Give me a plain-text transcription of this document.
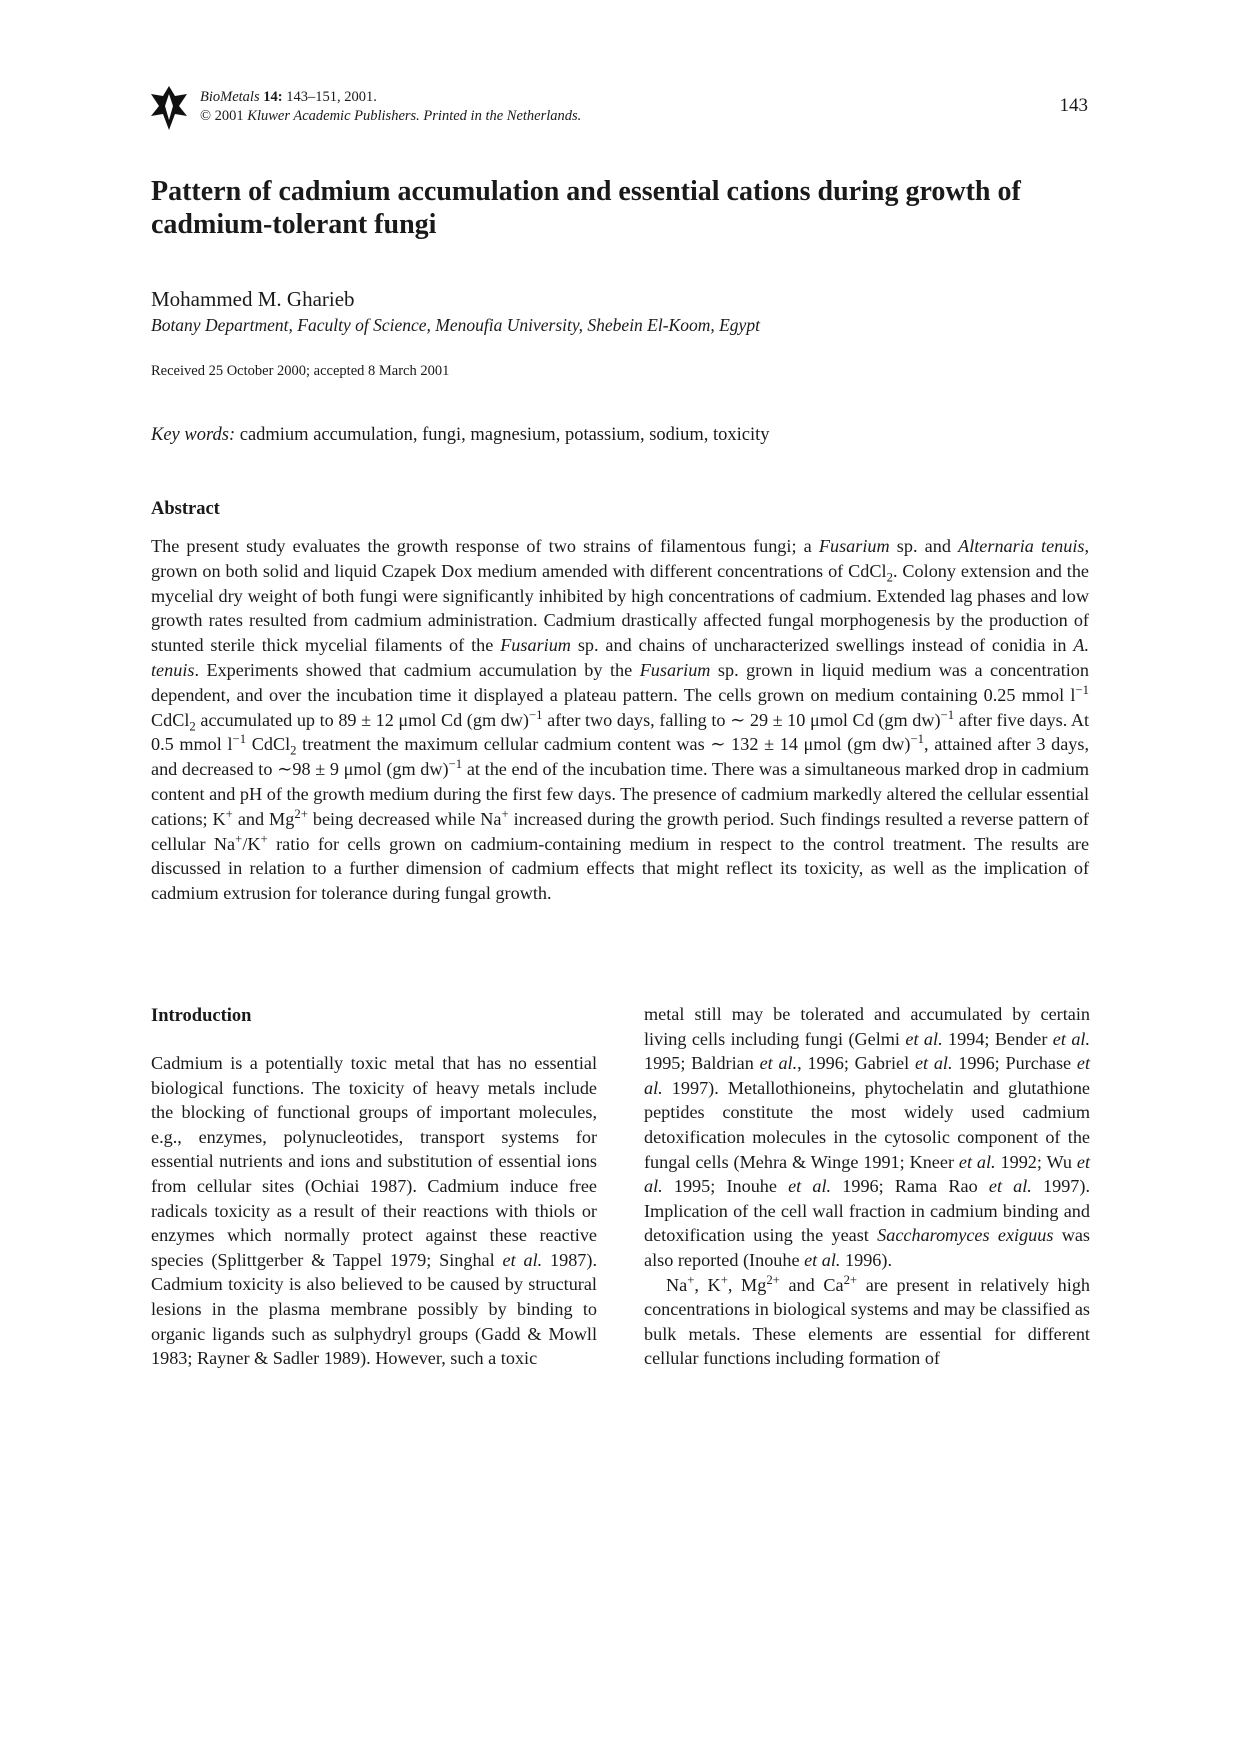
BioMetals 14: 143–151, 2001.
© 2001 Kluwer Academic Publishers. Printed in the Netherlands.	143
Pattern of cadmium accumulation and essential cations during growth of cadmium-tolerant fungi
Mohammed M. Gharieb
Botany Department, Faculty of Science, Menoufia University, Shebein El-Koom, Egypt
Received 25 October 2000; accepted 8 March 2001
Key words: cadmium accumulation, fungi, magnesium, potassium, sodium, toxicity
Abstract

The present study evaluates the growth response of two strains of filamentous fungi; a Fusarium sp. and Alternaria tenuis, grown on both solid and liquid Czapek Dox medium amended with different concentrations of CdCl$_2$. Colony extension and the mycelial dry weight of both fungi were significantly inhibited by high concentrations of cadmium. Extended lag phases and low growth rates resulted from cadmium administration. Cadmium drastically affected fungal morphogenesis by the production of stunted sterile thick mycelial filaments of the Fusarium sp. and chains of uncharacterized swellings instead of conidia in A. tenuis. Experiments showed that cadmium accumulation by the Fusarium sp. grown in liquid medium was a concentration dependent, and over the incubation time it displayed a plateau pattern. The cells grown on medium containing 0.25 mmol $l^{-1}$ CdCl$_2$ accumulated up to 89 ± 12 μmol Cd (gm dw)$^{-1}$ after two days, falling to ∼ 29 ± 10 μmol Cd (gm dw)$^{-1}$ after five days. At 0.5 mmol $l^{-1}$ CdCl$_2$ treatment the maximum cellular cadmium content was ∼ 132 ± 14 μmol (gm dw)$^{-1}$, attained after 3 days, and decreased to ∼98 ± 9 μmol (gm dw)$^{-1}$ at the end of the incubation time. There was a simultaneous marked drop in cadmium content and pH of the growth medium during the first few days. The presence of cadmium markedly altered the cellular essential cations; K+ and $Mg^{2+}$ being decreased while Na+ increased during the growth period. Such findings resulted a reverse pattern of cellular Na+/K+ ratio for cells grown on cadmium-containing medium in respect to the control treatment. The results are discussed in relation to a further dimension of cadmium effects that might reflect its toxicity, as well as the implication of cadmium extrusion for tolerance during fungal growth.

Introduction

Cadmium is a potentially toxic metal that has no essential biological functions. The toxicity of heavy metals include the blocking of functional groups of important molecules, e.g., enzymes, polynucleotides, transport systems for essential nutrients and ions and substitution of essential ions from cellular sites (Ochiai 1987). Cadmium induce free radicals toxicity as a result of their reactions with thiols or enzymes which normally protect against these reactive species (Splittgerber & Tappel 1979; Singhal et al. 1987). Cadmium toxicity is also believed to be caused by structural lesions in the plasma membrane possibly by binding to organic ligands such as sulphydryl groups (Gadd & Mowll 1983; Rayner & Sadler 1989). However, such a toxic

metal still may be tolerated and accumulated by certain living cells including fungi (Gelmi et al. 1994; Bender et al. 1995; Baldrian et al., 1996; Gabriel et al. 1996; Purchase et al. 1997). Metallothioneins, phytochelatin and glutathione peptides constitute the most widely used cadmium detoxification molecules in the cytosolic component of the fungal cells (Mehra & Winge 1991; Kneer et al. 1992; Wu et al. 1995; Inouhe et al. 1996; Rama Rao et al. 1997). Implication of the cell wall fraction in cadmium binding and detoxification using the yeast Saccharomyces exiguus was also reported (Inouhe et al. 1996).

Na+, K+, $Mg^{2+}$ and $Ca^{2+}$ are present in relatively high concentrations in biological systems and may be classified as bulk metals. These elements are essential for different cellular functions including formation of
